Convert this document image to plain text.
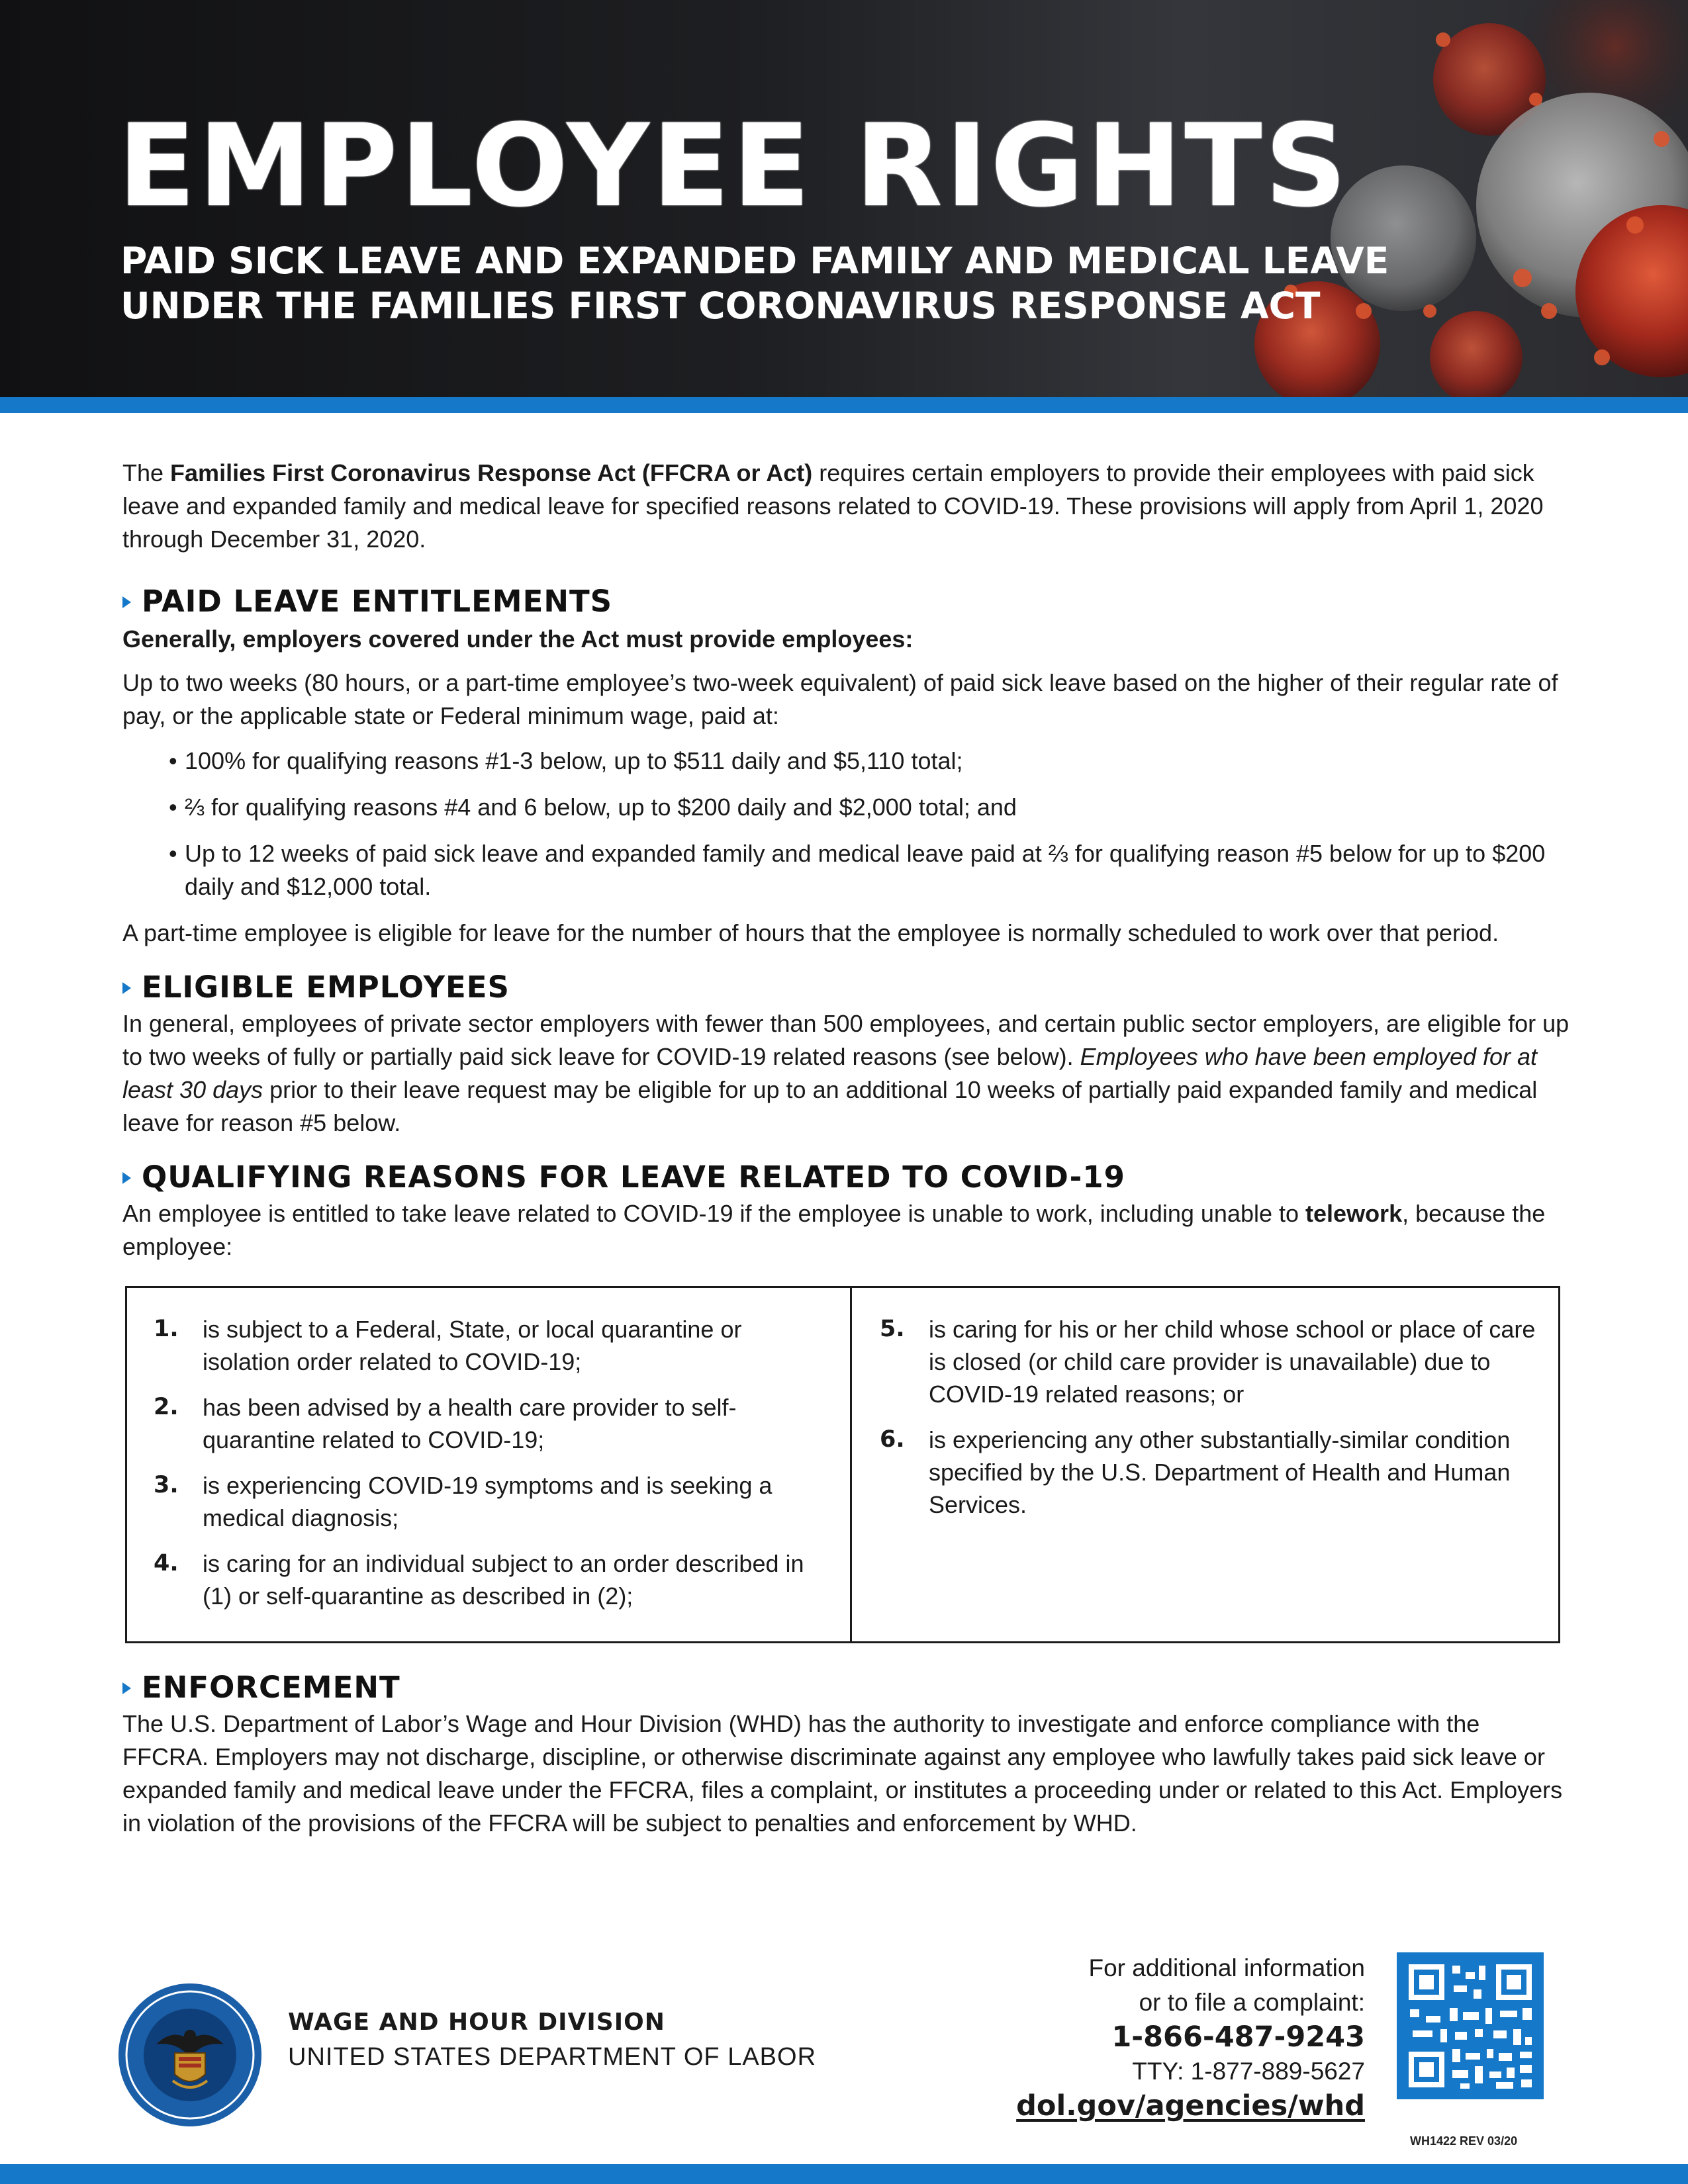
EMPLOYEE RIGHTS
PAID SICK LEAVE AND EXPANDED FAMILY AND MEDICAL LEAVE
UNDER THE FAMILIES FIRST CORONAVIRUS RESPONSE ACT

The Families First Coronavirus Response Act (FFCRA or Act) requires certain employers to provide their employees with paid sick leave and expanded family and medical leave for specified reasons related to COVID-19. These provisions will apply from April 1, 2020 through December 31, 2020.

PAID LEAVE ENTITLEMENTS

Generally, employers covered under the Act must provide employees:

Up to two weeks (80 hours, or a part-time employee’s two-week equivalent) of paid sick leave based on the higher of their regular rate of pay, or the applicable state or Federal minimum wage, paid at:

• 100% for qualifying reasons #1-3 below, up to $511 daily and $5,110 total;
• ⅔ for qualifying reasons #4 and 6 below, up to $200 daily and $2,000 total; and
• Up to 12 weeks of paid sick leave and expanded family and medical leave paid at ⅔ for qualifying reason #5 below for up to $200 daily and $12,000 total.

A part-time employee is eligible for leave for the number of hours that the employee is normally scheduled to work over that period.

ELIGIBLE EMPLOYEES

In general, employees of private sector employers with fewer than 500 employees, and certain public sector employers, are eligible for up to two weeks of fully or partially paid sick leave for COVID-19 related reasons (see below). Employees who have been employed for at least 30 days prior to their leave request may be eligible for up to an additional 10 weeks of partially paid expanded family and medical leave for reason #5 below.

QUALIFYING REASONS FOR LEAVE RELATED TO COVID-19

An employee is entitled to take leave related to COVID-19 if the employee is unable to work, including unable to telework, because the employee:

1.	is subject to a Federal, State, or local quarantine or isolation order related to COVID-19;
2.	has been advised by a health care provider to self-quarantine related to COVID-19;
3.	is experiencing COVID-19 symptoms and is seeking a medical diagnosis;
4.	is caring for an individual subject to an order described in (1) or self-quarantine as described in (2);
5.	is caring for his or her child whose school or place of care is closed (or child care provider is unavailable) due to COVID-19 related reasons; or
6.	is experiencing any other substantially-similar condition specified by the U.S. Department of Health and Human Services.
ENFORCEMENT

The U.S. Department of Labor’s Wage and Hour Division (WHD) has the authority to investigate and enforce compliance with the FFCRA. Employers may not discharge, discipline, or otherwise discriminate against any employee who lawfully takes paid sick leave or expanded family and medical leave under the FFCRA, files a complaint, or institutes a proceeding under or related to this Act. Employers in violation of the provisions of the FFCRA will be subject to penalties and enforcement by WHD.

WAGE AND HOUR DIVISION
UNITED STATES DEPARTMENT OF LABOR
For additional information
or to file a complaint:
1-866-487-9243
TTY: 1-877-889-5627
dol.gov/agencies/whd
WH1422 REV 03/20
